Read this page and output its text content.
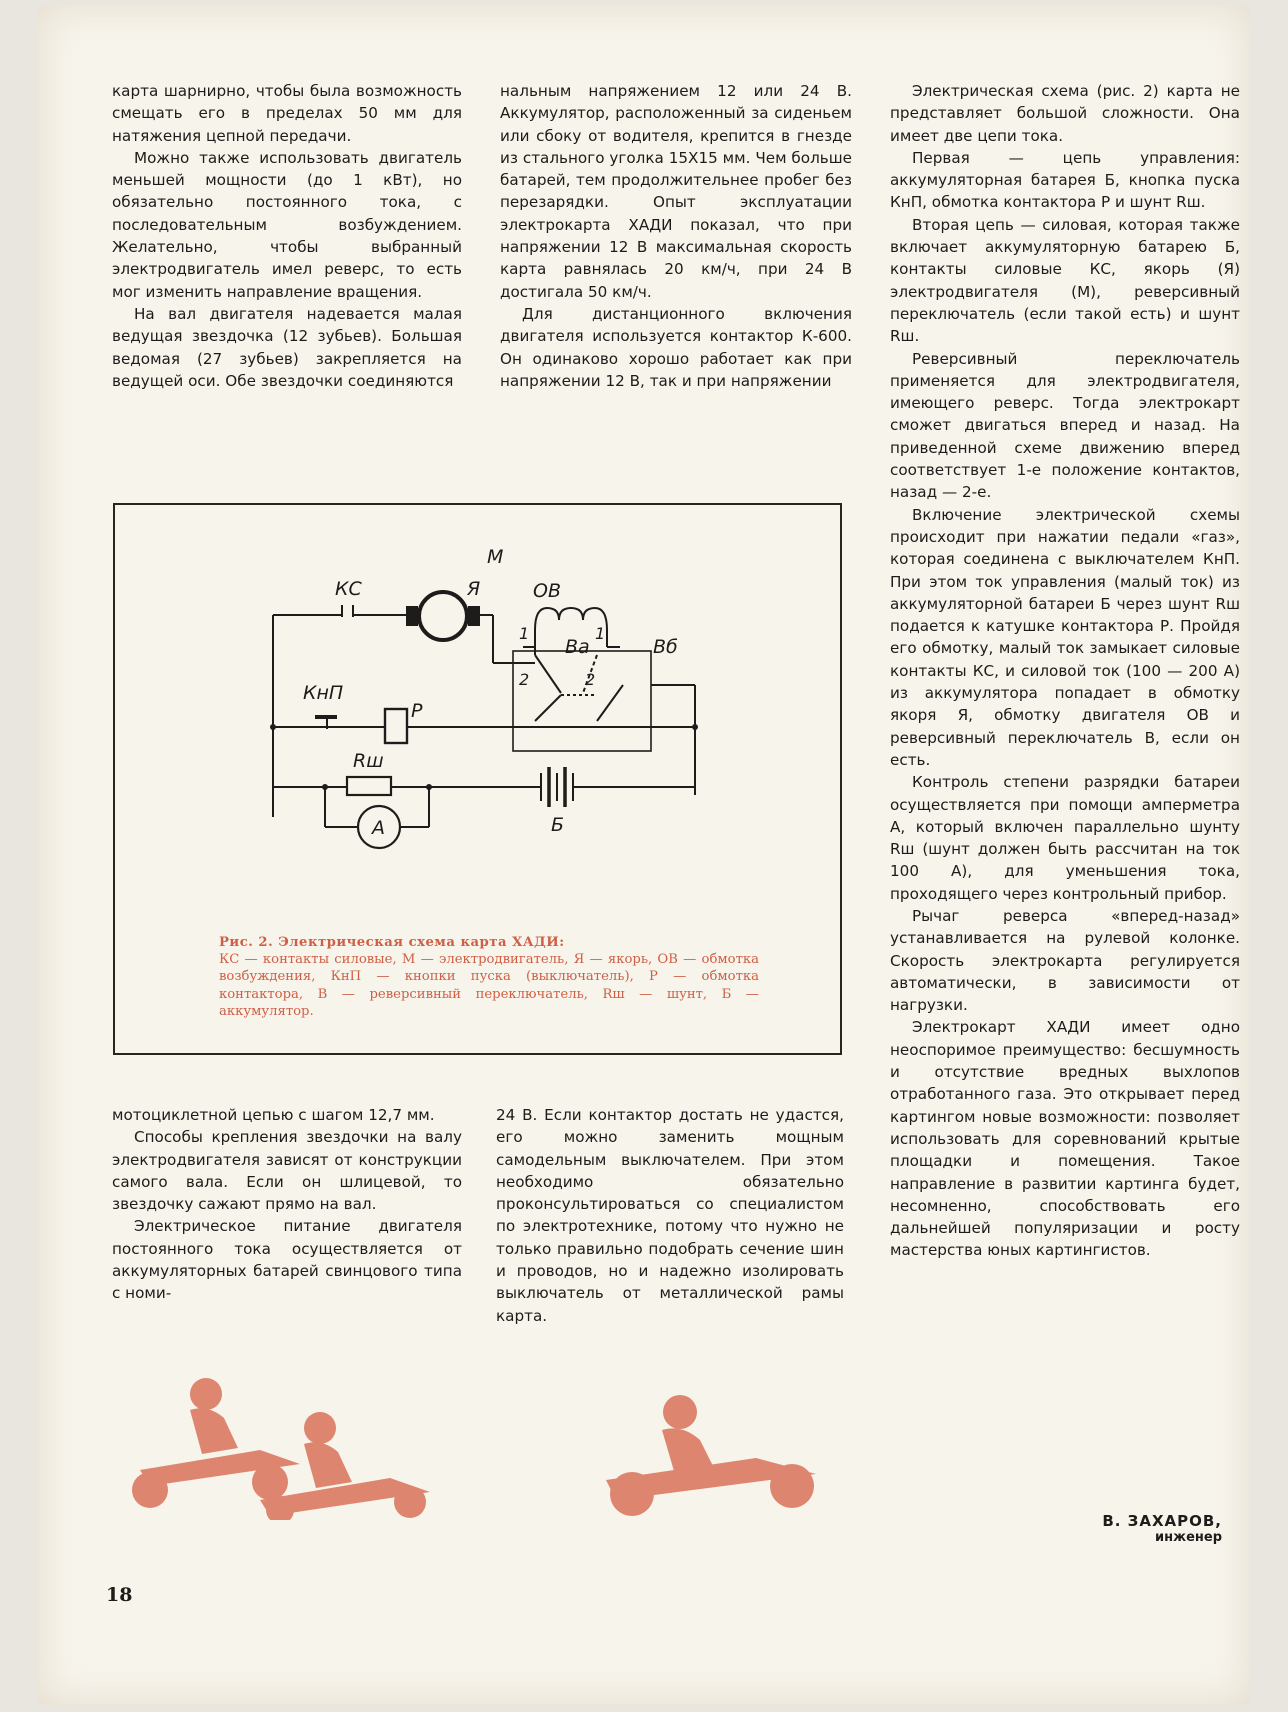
карта шарнирно, чтобы была возможность смещать его в пределах 50 мм для натяжения цепной передачи.

Можно также использовать двигатель меньшей мощности (до 1 кВт), но обязательно постоянного тока, с последовательным возбуждением. Желательно, чтобы выбранный электродвигатель имел реверс, то есть мог изменить направление вращения.

На вал двигателя надевается малая ведущая звездочка (12 зубьев). Большая ведомая (27 зубьев) закрепляется на ведущей оси. Обе звездочки соединяются

нальным напряжением 12 или 24 В. Аккумулятор, расположенный за сиденьем или сбоку от водителя, крепится в гнезде из стального уголка 15Х15 мм. Чем больше батарей, тем продолжительнее пробег без перезарядки. Опыт эксплуатации электрокарта ХАДИ показал, что при напряжении 12 В максимальная скорость карта равнялась 20 км/ч, при 24 В достигала 50 км/ч.

Для дистанционного включения двигателя используется контактор К-600. Он одинаково хорошо работает как при напряжении 12 В, так и при напряжении

Электрическая схема (рис. 2) карта не представляет большой сложности. Она имеет две цепи тока.

Первая — цепь управления: аккумуляторная батарея Б, кнопка пуска КнП, обмотка контактора Р и шунт Rш.

Вторая цепь — силовая, которая также включает аккумуляторную батарею Б, контакты силовые КС, якорь (Я) электродвигателя (М), реверсивный переключатель (если такой есть) и шунт Rш.

Реверсивный переключатель применяется для электродвигателя, имеющего реверс. Тогда электрокарт сможет двигаться вперед и назад. На приведенной схеме движению вперед соответствует 1-е положение контактов, назад — 2-е.

Включение электрической схемы происходит при нажатии педали «газ», которая соединена с выключателем КнП. При этом ток управления (малый ток) из аккумуляторной батареи Б через шунт Rш подается к катушке контактора Р. Пройдя его обмотку, малый ток замыкает силовые контакты КС, и силовой ток (100 — 200 А) из аккумулятора попадает в обмотку якоря Я, обмотку двигателя ОВ и реверсивный переключатель В, если он есть.

Контроль степени разрядки батареи осуществляется при помощи амперметра А, который включен параллельно шунту Rш (шунт должен быть рассчитан на ток 100 А), для уменьшения тока, проходящего через контрольный прибор.

Рычаг реверса «вперед-назад» устанавливается на рулевой колонке. Скорость электрокарта регулируется автоматически, в зависимости от нагрузки.

Электрокарт ХАДИ имеет одно неоспоримое преимущество: бесшумность и отсутствие вредных выхлопов отработанного газа. Это открывает перед картингом новые возможности: позволяет использовать для соревнований крытые площадки и помещения. Такое направление в развитии картинга будет, несомненно, способствовать его дальнейшей популяризации и росту мастерства юных картингистов.

М
КС	Я	ОВ
Ва	Вб
1	1
2	2
КнП
Р
Rш
Б
А
Рис. 2. Электрическая схема карта ХАДИ:
КС — контакты силовые, М — электродвигатель, Я — якорь, ОВ — обмотка возбуждения, КнП — кнопки пуска (выключатель), Р — обмотка контактора, В — реверсивный переключатель, Rш — шунт, Б — аккумулятор.

мотоциклетной цепью с шагом 12,7 мм.

Способы крепления звездочки на валу электродвигателя зависят от конструкции самого вала. Если он шлицевой, то звездочку сажают прямо на вал.

Электрическое питание двигателя постоянного тока осуществляется от аккумуляторных батарей свинцового типа с номи-

24 В. Если контактор достать не удастся, его можно заменить мощным самодельным выключателем. При этом необходимо обязательно проконсультироваться со специалистом по электротехнике, потому что нужно не только правильно подобрать сечение шин и проводов, но и надежно изолировать выключатель от металлической рамы карта.

В. ЗАХАРОВ,
инженер
18
